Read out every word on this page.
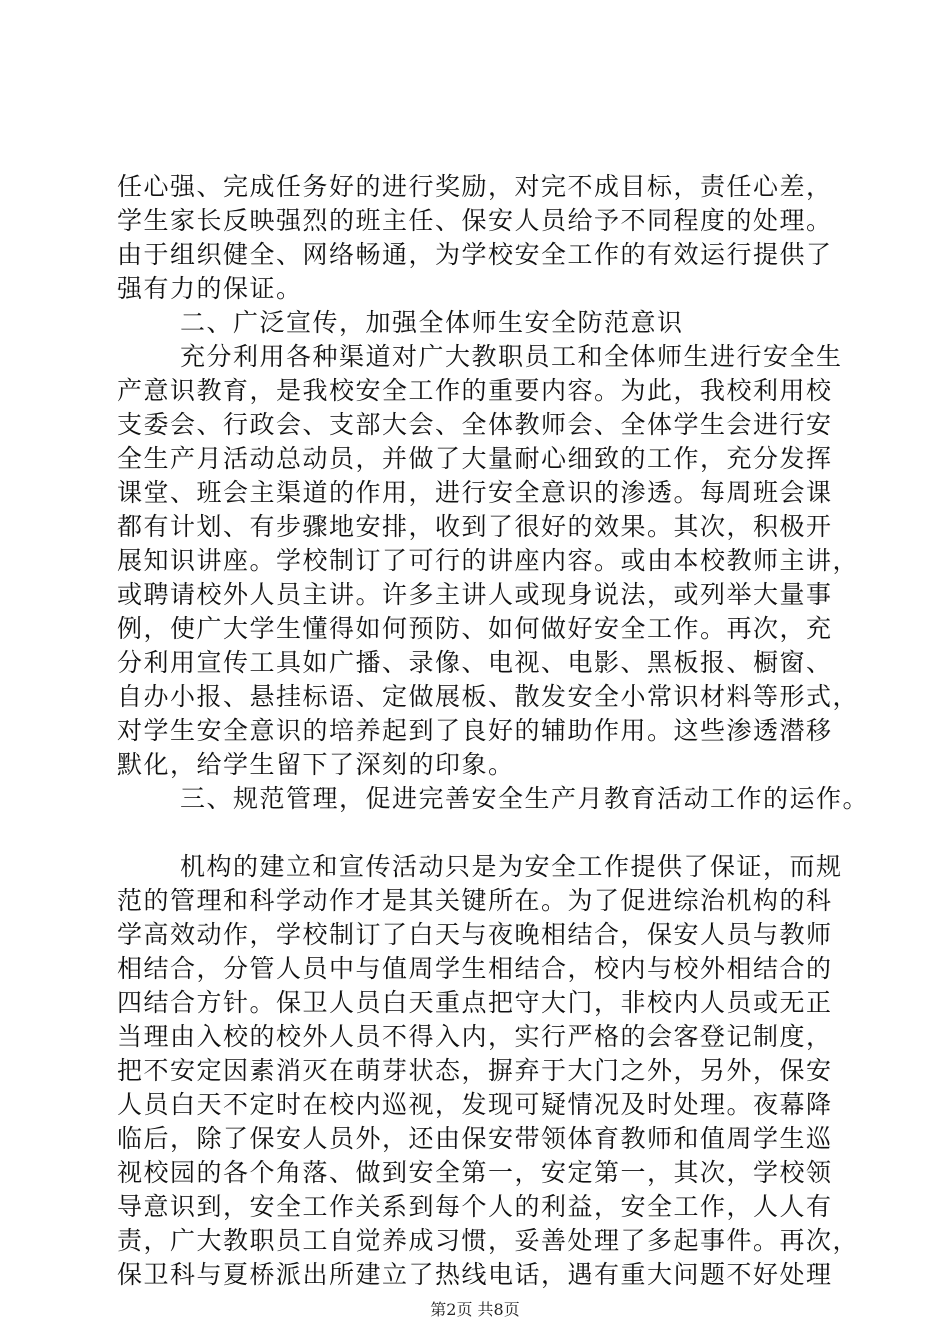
任心强、完成任务好的进行奖励，对完不成目标，责任心差，
学生家长反映强烈的班主任、保安人员给予不同程度的处理。
由于组织健全、网络畅通，为学校安全工作的有效运行提供了
强有力的保证。
二、广泛宣传，加强全体师生安全防范意识
充分利用各种渠道对广大教职员工和全体师生进行安全生
产意识教育，是我校安全工作的重要内容。为此，我校利用校
支委会、行政会、支部大会、全体教师会、全体学生会进行安
全生产月活动总动员，并做了大量耐心细致的工作，充分发挥
课堂、班会主渠道的作用，进行安全意识的渗透。每周班会课
都有计划、有步骤地安排，收到了很好的效果。其次，积极开
展知识讲座。学校制订了可行的讲座内容。或由本校教师主讲，
或聘请校外人员主讲。许多主讲人或现身说法，或列举大量事
例，使广大学生懂得如何预防、如何做好安全工作。再次，充
分利用宣传工具如广播、录像、电视、电影、黑板报、橱窗、
自办小报、悬挂标语、定做展板、散发安全小常识材料等形式，
对学生安全意识的培养起到了良好的辅助作用。这些渗透潜移
默化，给学生留下了深刻的印象。
三、规范管理，促进完善安全生产月教育活动工作的运作。
机构的建立和宣传活动只是为安全工作提供了保证，而规
范的管理和科学动作才是其关键所在。为了促进综治机构的科
学高效动作，学校制订了白天与夜晚相结合，保安人员与教师
相结合，分管人员中与值周学生相结合，校内与校外相结合的
四结合方针。保卫人员白天重点把守大门，非校内人员或无正
当理由入校的校外人员不得入内，实行严格的会客登记制度，
把不安定因素消灭在萌芽状态，摒弃于大门之外，另外，保安
人员白天不定时在校内巡视，发现可疑情况及时处理。夜幕降
临后，除了保安人员外，还由保安带领体育教师和值周学生巡
视校园的各个角落、做到安全第一，安定第一，其次，学校领
导意识到，安全工作关系到每个人的利益，安全工作，人人有
责，广大教职员工自觉养成习惯，妥善处理了多起事件。再次，
保卫科与夏桥派出所建立了热线电话，遇有重大问题不好处理
第2页 共8页
